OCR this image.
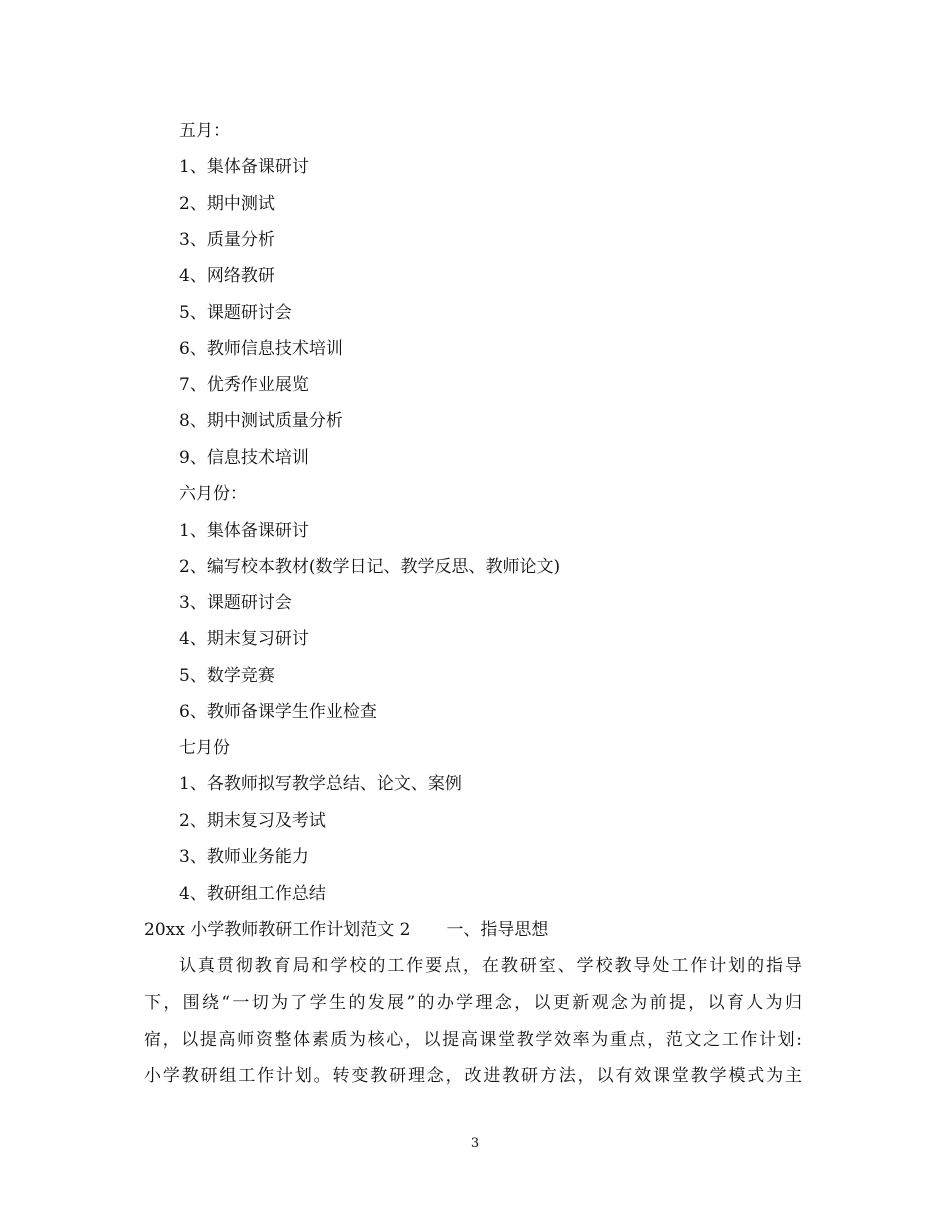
五月：
1、集体备课研讨
2、期中测试
3、质量分析
4、网络教研
5、课题研讨会
6、教师信息技术培训
7、优秀作业展览
8、期中测试质量分析
9、信息技术培训
六月份：
1、集体备课研讨
2、编写校本教材(数学日记、教学反思、教师论文)
3、课题研讨会
4、期末复习研讨
5、数学竞赛
6、教师备课学生作业检查
七月份
1、各教师拟写教学总结、论文、案例
2、期末复习及考试
3、教师业务能力
4、教研组工作总结
20xx 小学教师教研工作计划范文 2 一、指导思想
认真贯彻教育局和学校的工作要点，在教研室、学校教导处工作计划的指导
下，围绕“一切为了学生的发展”的办学理念，以更新观念为前提，以育人为归
宿，以提高师资整体素质为核心，以提高课堂教学效率为重点，范文之工作计划:
小学教研组工作计划。转变教研理念，改进教研方法，以有效课堂教学模式为主
3
